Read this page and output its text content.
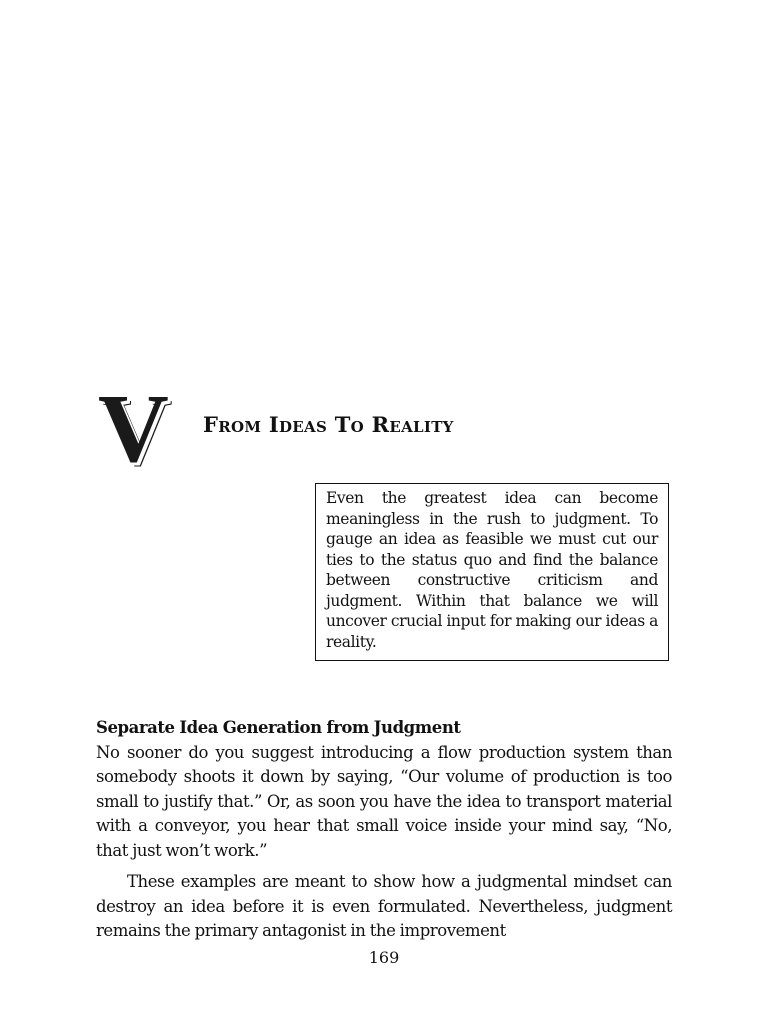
V From Ideas To Reality
Even the greatest idea can become meaningless in the rush to judgment. To gauge an idea as feasible we must cut our ties to the status quo and find the balance between constructive criticism and judgment. Within that balance we will uncover crucial input for making our ideas a reality.

Separate Idea Generation from Judgment

No sooner do you suggest introducing a flow production system than somebody shoots it down by saying, “Our volume of production is too small to justify that.” Or, as soon you have the idea to transport material with a conveyor, you hear that small voice inside your mind say, “No, that just won’t work.”

These examples are meant to show how a judgmental mindset can destroy an idea before it is even formulated. Nevertheless, judgment remains the primary antagonist in the improvement

169
